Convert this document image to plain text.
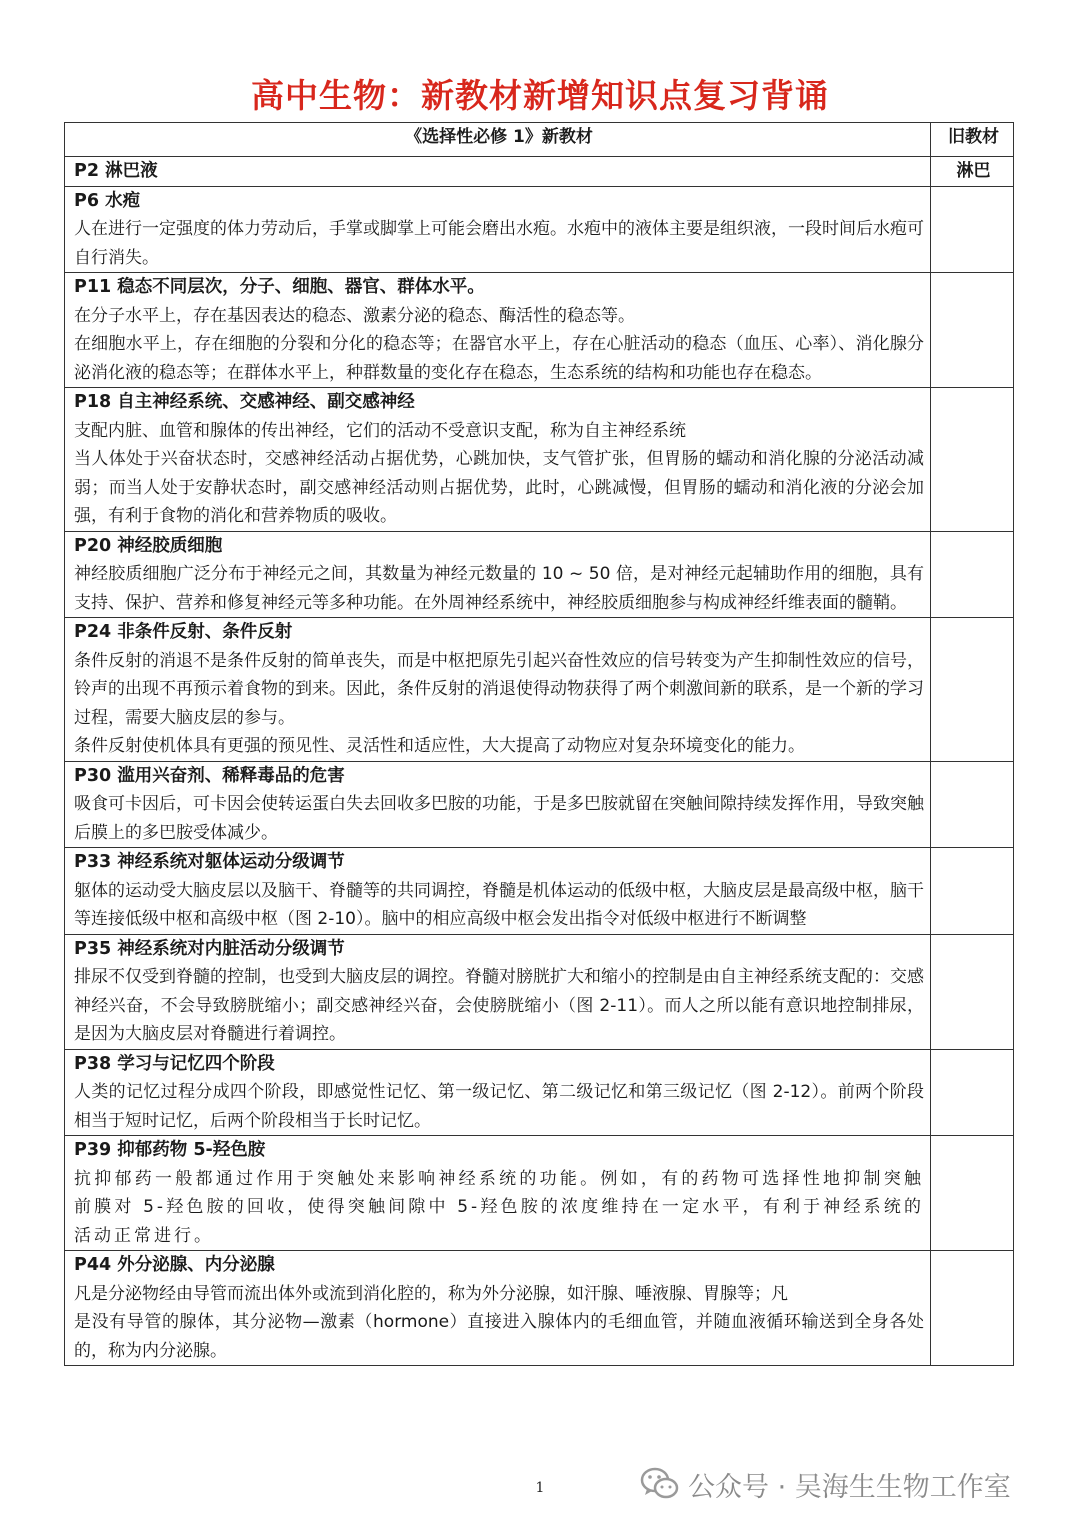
高中生物：新教材新增知识点复习背诵
《选择性必修 1》新教材	旧教材

P2 淋巴液	淋巴

P6 水疱
人在进行一定强度的体力劳动后，手掌或脚掌上可能会磨出水疱。水疱中的液体主要是组织液，一段时间后水疱可自行消失。	

P11 稳态不同层次，分子、细胞、器官、群体水平。
在分子水平上，存在基因表达的稳态、激素分泌的稳态、酶活性的稳态等。
在细胞水平上，存在细胞的分裂和分化的稳态等；在器官水平上，存在心脏活动的稳态（血压、心率）、消化腺分泌消化液的稳态等；在群体水平上，种群数量的变化存在稳态，生态系统的结构和功能也存在稳态。	

P18 自主神经系统、交感神经、副交感神经
支配内脏、血管和腺体的传出神经，它们的活动不受意识支配，称为自主神经系统
当人体处于兴奋状态时，交感神经活动占据优势，心跳加快，支气管扩张，但胃肠的蠕动和消化腺的分泌活动减弱；而当人处于安静状态时，副交感神经活动则占据优势，此时，心跳减慢，但胃肠的蠕动和消化液的分泌会加强，有利于食物的消化和营养物质的吸收。	

P20 神经胶质细胞
神经胶质细胞广泛分布于神经元之间，其数量为神经元数量的 10 ~ 50 倍，是对神经元起辅助作用的细胞，具有支持、保护、营养和修复神经元等多种功能。在外周神经系统中，神经胶质细胞参与构成神经纤维表面的髓鞘。	

P24 非条件反射、条件反射
条件反射的消退不是条件反射的简单丧失，而是中枢把原先引起兴奋性效应的信号转变为产生抑制性效应的信号，铃声的出现不再预示着食物的到来。因此，条件反射的消退使得动物获得了两个刺激间新的联系，是一个新的学习过程，需要大脑皮层的参与。
条件反射使机体具有更强的预见性、灵活性和适应性，大大提高了动物应对复杂环境变化的能力。	

P30 滥用兴奋剂、稀释毒品的危害
吸食可卡因后，可卡因会使转运蛋白失去回收多巴胺的功能，于是多巴胺就留在突触间隙持续发挥作用，导致突触后膜上的多巴胺受体减少。	

P33 神经系统对躯体运动分级调节
躯体的运动受大脑皮层以及脑干、脊髓等的共同调控，脊髓是机体运动的低级中枢，大脑皮层是最高级中枢，脑干等连接低级中枢和高级中枢（图 2-10）。脑中的相应高级中枢会发出指令对低级中枢进行不断调整	

P35 神经系统对内脏活动分级调节
排尿不仅受到脊髓的控制，也受到大脑皮层的调控。脊髓对膀胱扩大和缩小的控制是由自主神经系统支配的：交感神经兴奋，不会导致膀胱缩小；副交感神经兴奋，会使膀胱缩小（图 2-11）。而人之所以能有意识地控制排尿，是因为大脑皮层对脊髓进行着调控。	

P38 学习与记忆四个阶段
人类的记忆过程分成四个阶段，即感觉性记忆、第一级记忆、第二级记忆和第三级记忆（图 2-12）。前两个阶段相当于短时记忆，后两个阶段相当于长时记忆。	

P39 抑郁药物 5-羟色胺
抗抑郁药一般都通过作用于突触处来影响神经系统的功能。例如，有的药物可选择性地抑制突触前膜对 5-羟色胺的回收，使得突触间隙中 5-羟色胺的浓度维持在一定水平，有利于神经系统的活动正常进行。	

P44 外分泌腺、内分泌腺
凡是分泌物经由导管而流出体外或流到消化腔的，称为外分泌腺，如汗腺、唾液腺、胃腺等；凡
是没有导管的腺体，其分泌物—激素（hormone）直接进入腺体内的毛细血管，并随血液循环输送到全身各处的，称为内分泌腺。	

1	公众号 · 吴海生生物工作室
